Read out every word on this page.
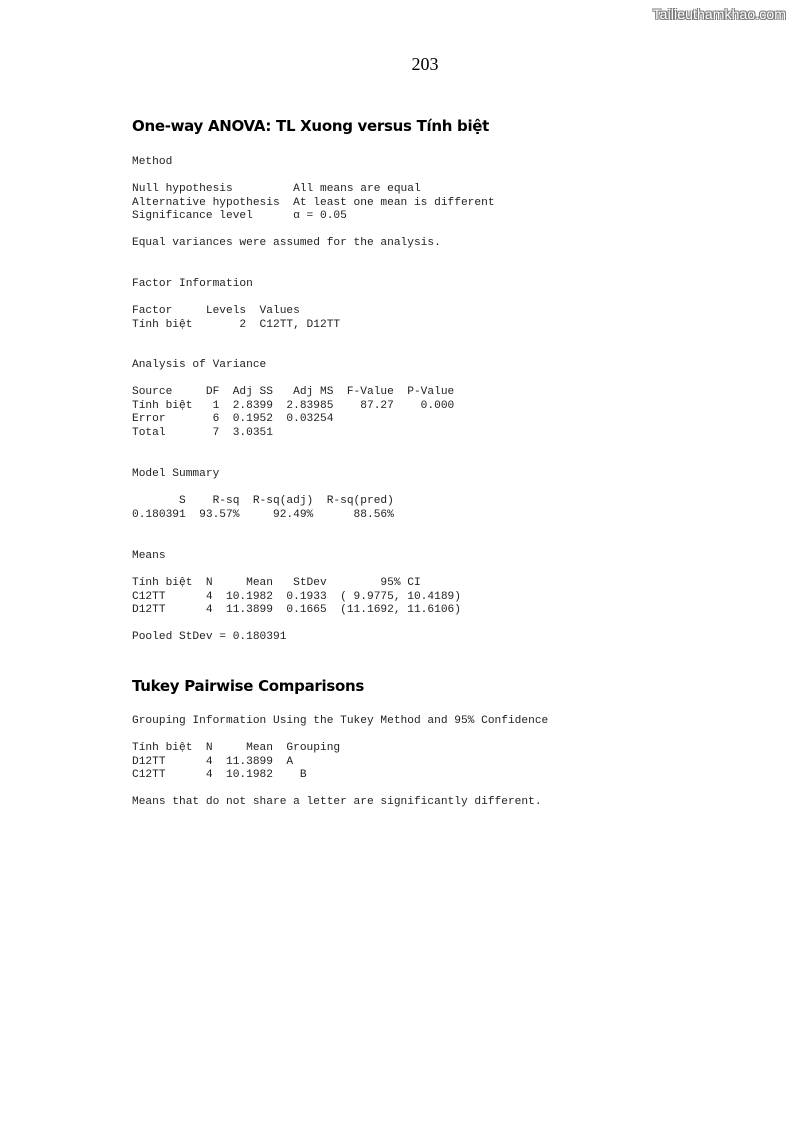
Tailieuthamkhao.com
203
One-way ANOVA: TL Xuong versus Tính biệt
Method

Null hypothesis         All means are equal
Alternative hypothesis  At least one mean is different
Significance level      α = 0.05

Equal variances were assumed for the analysis.
Factor Information

Factor     Levels  Values
Tính biệt       2  C12TT, D12TT
Analysis of Variance

Source     DF  Adj SS   Adj MS  F-Value  P-Value
Tính biệt   1  2.8399  2.83985    87.27    0.000
Error       6  0.1952  0.03254
Total       7  3.0351
Model Summary

S    R-sq  R-sq(adj)  R-sq(pred)
0.180391  93.57%     92.49%      88.56%
Means

Tính biệt  N     Mean   StDev        95% CI
C12TT      4  10.1982  0.1933  ( 9.9775, 10.4189)
D12TT      4  11.3899  0.1665  (11.1692, 11.6106)

Pooled StDev = 0.180391
Tukey Pairwise Comparisons
Grouping Information Using the Tukey Method and 95% Confidence

Tính biệt  N     Mean  Grouping
D12TT      4  11.3899  A
C12TT      4  10.1982    B

Means that do not share a letter are significantly different.
